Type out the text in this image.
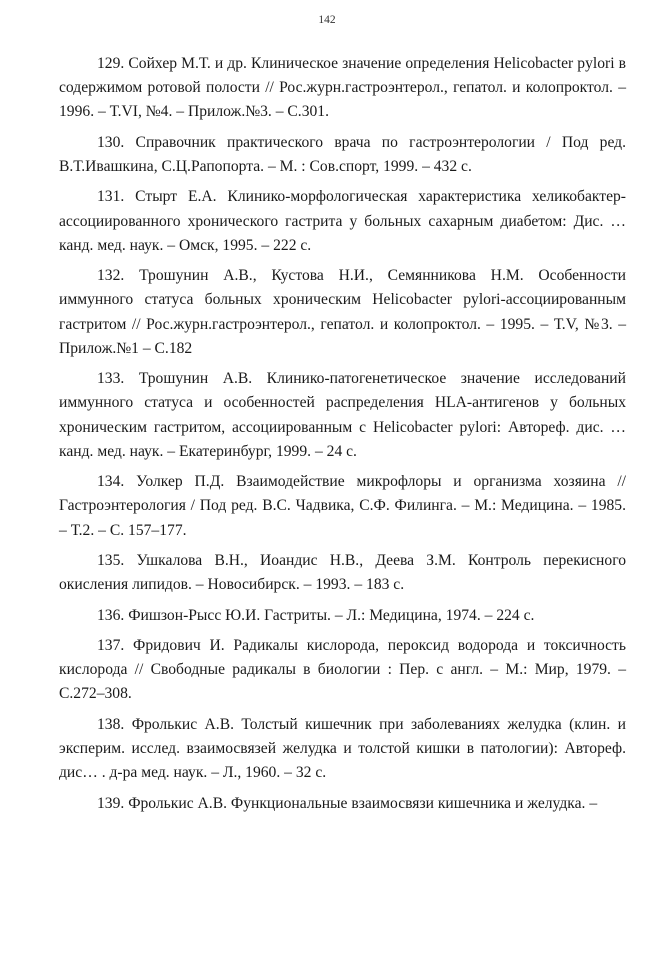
142

129. Сойхер М.Т. и др. Клиническое значение определения Helicobacter pylori в содержимом ротовой полости // Рос.журн.гастроэнтерол., гепатол. и колопроктол. – 1996. – Т.VI, №4. – Прилож.№3. – С.301.

130. Справочник практического врача по гастроэнтерологии / Под ред. В.Т.Ивашкина, С.Ц.Рапопорта. – М. : Сов.спорт, 1999. – 432 с.

131. Стырт Е.А. Клинико-морфологическая характеристика хеликобактер-ассоциированного хронического гастрита у больных сахарным диабетом: Дис. … канд. мед. наук. – Омск, 1995. – 222 с.

132. Трошунин А.В., Кустова Н.И., Семянникова Н.М. Особенности иммунного статуса больных хроническим Helicobacter pylori-ассоциированным гастритом // Рос.журн.гастроэнтерол., гепатол. и колопроктол. – 1995. – Т.V, №3. – Прилож.№1 – С.182

133. Трошунин А.В. Клинико-патогенетическое значение исследований иммунного статуса и особенностей распределения HLA-антигенов у больных хроническим гастритом, ассоциированным с Helicobacter pylori: Автореф. дис. … канд. мед. наук. – Екатеринбург, 1999. – 24 с.

134. Уолкер П.Д. Взаимодействие микрофлоры и организма хозяина // Гастроэнтерология / Под ред. В.С. Чадвика, С.Ф. Филинга. – М.: Медицина. – 1985. – Т.2. – С. 157–177.

135. Ушкалова В.Н., Иоандис Н.В., Деева З.М. Контроль перекисного окисления липидов. – Новосибирск. – 1993. – 183 с.

136. Фишзон-Рысс Ю.И. Гастриты. – Л.: Медицина, 1974. – 224 с.

137. Фридович И. Радикалы кислорода, пероксид водорода и токсичность кислорода // Свободные радикалы в биологии : Пер. с англ. – М.: Мир, 1979. – С.272–308.

138. Фролькис А.В. Толстый кишечник при заболеваниях желудка (клин. и эксперим. исслед. взаимосвязей желудка и толстой кишки в патологии): Автореф. дис… . д-ра мед. наук. – Л., 1960. – 32 с.

139. Фролькис А.В. Функциональные взаимосвязи кишечника и желудка. –
